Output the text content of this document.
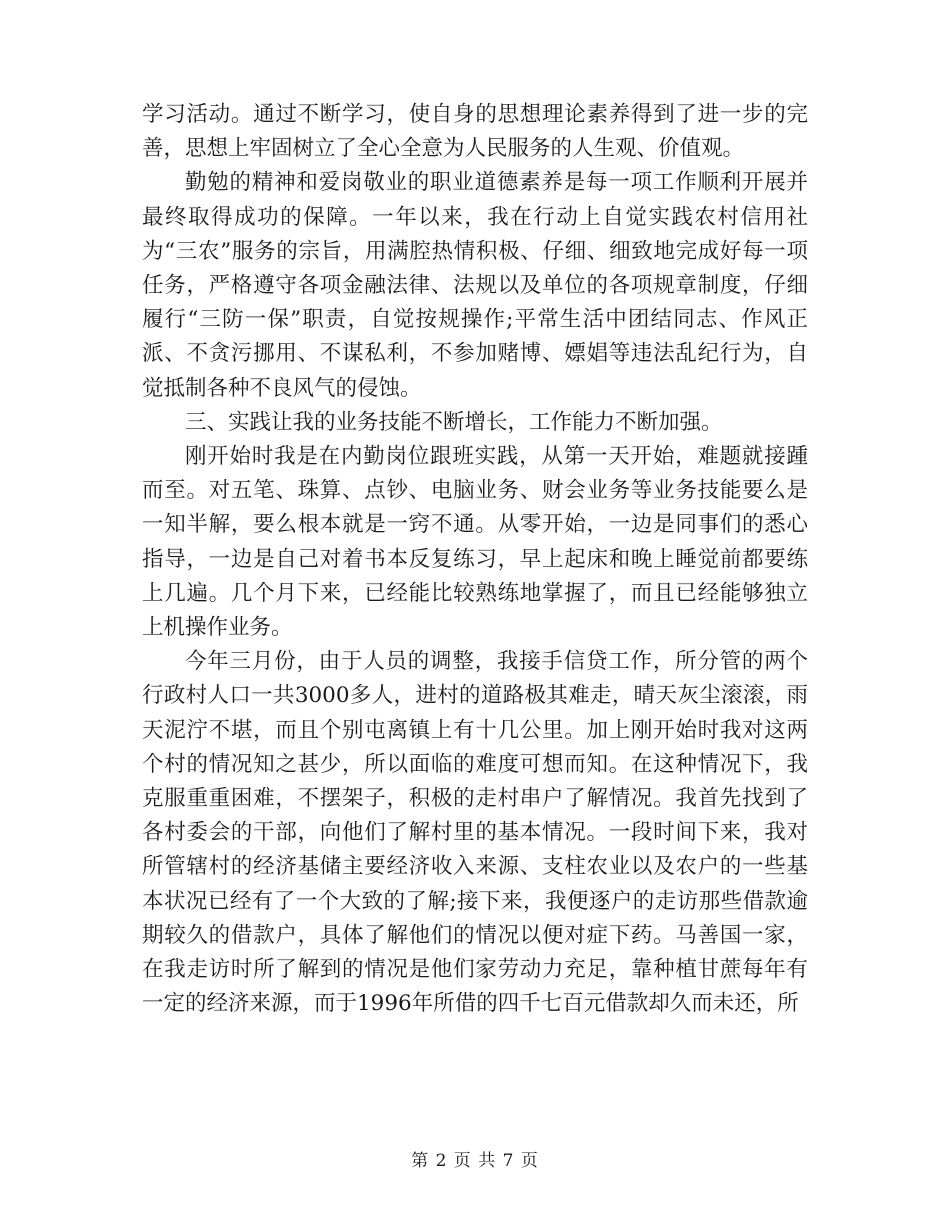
学习活动。通过不断学习，使自身的思想理论素养得到了进一步的完善，思想上牢固树立了全心全意为人民服务的人生观、价值观。

勤勉的精神和爱岗敬业的职业道德素养是每一项工作顺利开展并最终取得成功的保障。一年以来，我在行动上自觉实践农村信用社为“三农”服务的宗旨，用满腔热情积极、仔细、细致地完成好每一项任务，严格遵守各项金融法律、法规以及单位的各项规章制度，仔细履行“三防一保”职责，自觉按规操作;平常生活中团结同志、作风正派、不贪污挪用、不谋私利，不参加赌博、嫖娼等违法乱纪行为，自觉抵制各种不良风气的侵蚀。

三、实践让我的业务技能不断增长，工作能力不断加强。

刚开始时我是在内勤岗位跟班实践，从第一天开始，难题就接踵而至。对五笔、珠算、点钞、电脑业务、财会业务等业务技能要么是一知半解，要么根本就是一窍不通。从零开始，一边是同事们的悉心指导，一边是自己对着书本反复练习，早上起床和晚上睡觉前都要练上几遍。几个月下来，已经能比较熟练地掌握了，而且已经能够独立上机操作业务。

今年三月份，由于人员的调整，我接手信贷工作，所分管的两个行政村人口一共3000多人，进村的道路极其难走，晴天灰尘滚滚，雨天泥泞不堪，而且个别屯离镇上有十几公里。加上刚开始时我对这两个村的情况知之甚少，所以面临的难度可想而知。在这种情况下，我克服重重困难，不摆架子，积极的走村串户了解情况。我首先找到了各村委会的干部，向他们了解村里的基本情况。一段时间下来，我对所管辖村的经济基储主要经济收入来源、支柱农业以及农户的一些基本状况已经有了一个大致的了解;接下来，我便逐户的走访那些借款逾期较久的借款户，具体了解他们的情况以便对症下药。马善国一家，在我走访时所了解到的情况是他们家劳动力充足，靠种植甘蔗每年有一定的经济来源，而于1996年所借的四千七百元借款却久而未还，所

第 2 页 共 7 页
